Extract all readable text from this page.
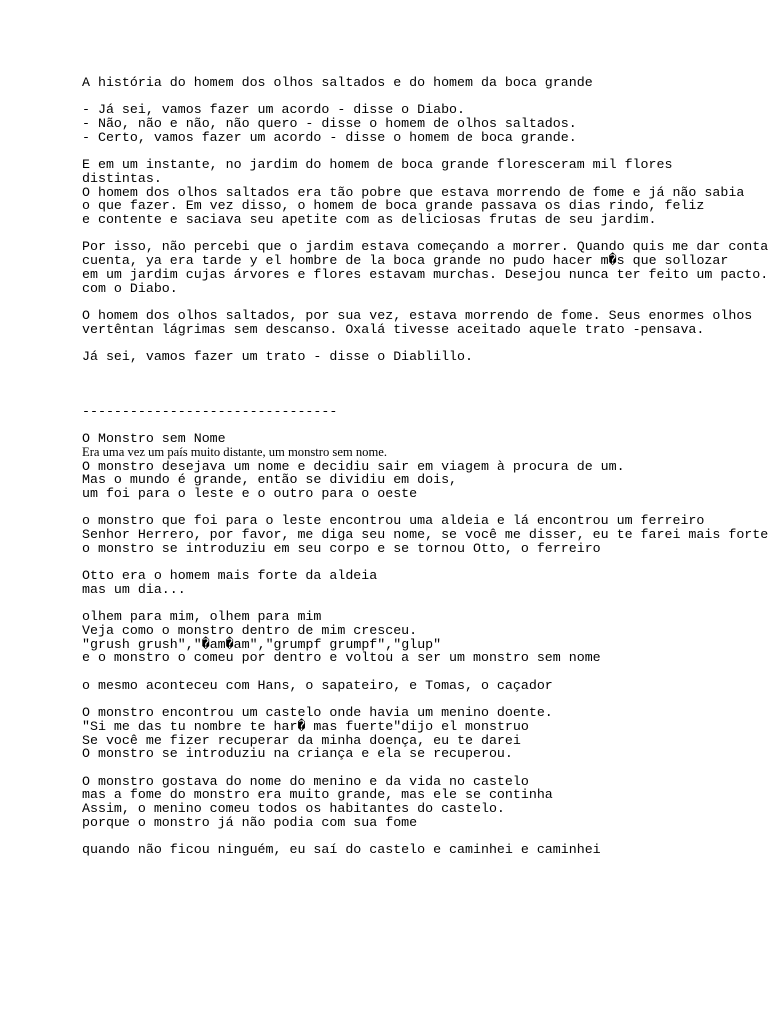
A história do homem dos olhos saltados e do homem da boca grande
- Já sei, vamos fazer um acordo - disse o Diabo.
- Não, não e não, não quero - disse o homem de olhos saltados.
- Certo, vamos fazer um acordo - disse o homem de boca grande.
E em um instante, no jardim do homem de boca grande floresceram mil flores
distintas.
O homem dos olhos saltados era tão pobre que estava morrendo de fome e já não sabia
o que fazer. Em vez disso, o homem de boca grande passava os dias rindo, feliz
e contente e saciava seu apetite com as deliciosas frutas de seu jardim.
Por isso, não percebi que o jardim estava começando a morrer. Quando quis me dar conta
cuenta, ya era tarde y el hombre de la boca grande no pudo hacer m�s que sollozar
em um jardim cujas árvores e flores estavam murchas. Desejou nunca ter feito um pacto.
com o Diabo.
O homem dos olhos saltados, por sua vez, estava morrendo de fome. Seus enormes olhos
vertêntan lágrimas sem descanso. Oxalá tivesse aceitado aquele trato -pensava.
Já sei, vamos fazer um trato - disse o Diablillo.
--------------------------------
O Monstro sem Nome
Era uma vez um país muito distante, um monstro sem nome.
O monstro desejava um nome e decidiu sair em viagem à procura de um.
Mas o mundo é grande, então se dividiu em dois,
um foi para o leste e o outro para o oeste
o monstro que foi para o leste encontrou uma aldeia e lá encontrou um ferreiro
Senhor Herrero, por favor, me diga seu nome, se você me disser, eu te farei mais forte
o monstro se introduziu em seu corpo e se tornou Otto, o ferreiro
Otto era o homem mais forte da aldeia
mas um dia...
olhem para mim, olhem para mim
Veja como o monstro dentro de mim cresceu.
"grush grush","�am�am","grumpf grumpf","glup"
e o monstro o comeu por dentro e voltou a ser um monstro sem nome
o mesmo aconteceu com Hans, o sapateiro, e Tomas, o caçador
O monstro encontrou um castelo onde havia um menino doente.
"Si me das tu nombre te har� mas fuerte"dijo el monstruo
Se você me fizer recuperar da minha doença, eu te darei
O monstro se introduziu na criança e ela se recuperou.
O monstro gostava do nome do menino e da vida no castelo
mas a fome do monstro era muito grande, mas ele se continha
Assim, o menino comeu todos os habitantes do castelo.
porque o monstro já não podia com sua fome
quando não ficou ninguém, eu saí do castelo e caminhei e caminhei
